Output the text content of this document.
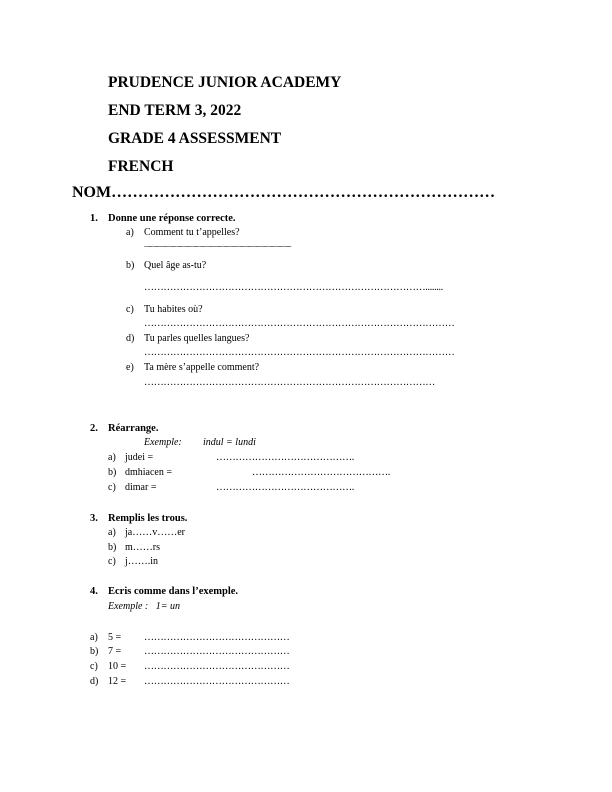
PRUDENCE JUNIOR ACADEMY
END TERM 3, 2022
GRADE 4 ASSESSMENT
FRENCH
NOM………………………………………………………………
1. Donne une réponse correcte.
a) Comment tu t’appelles?
................................................................................................................................
b) Quel âge as-tu?
……………………………………………………………………………........
c) Tu habites où?
……………………………………………………………………………………
d) Tu parles quelles langues?
……………………………………………………………………………………
e) Ta mère s’appelle comment?
………………………………………………………………………………
2. Réarrange.
Exemple: indul = lundi
a) judei =	…………………………………….
b) dmhiacen =	…………………………………….
c) dimar =	…………………………………….
3. Remplis les trous.
a) ja……v……er
b) m……rs
c) j…….in
4. Ecris comme dans l’exemple.
Exemple :   1= un
a) 5 = ………………………………………
b) 7 = ………………………………………
c) 10 = ………………………………………
d) 12 = ………………………………………
